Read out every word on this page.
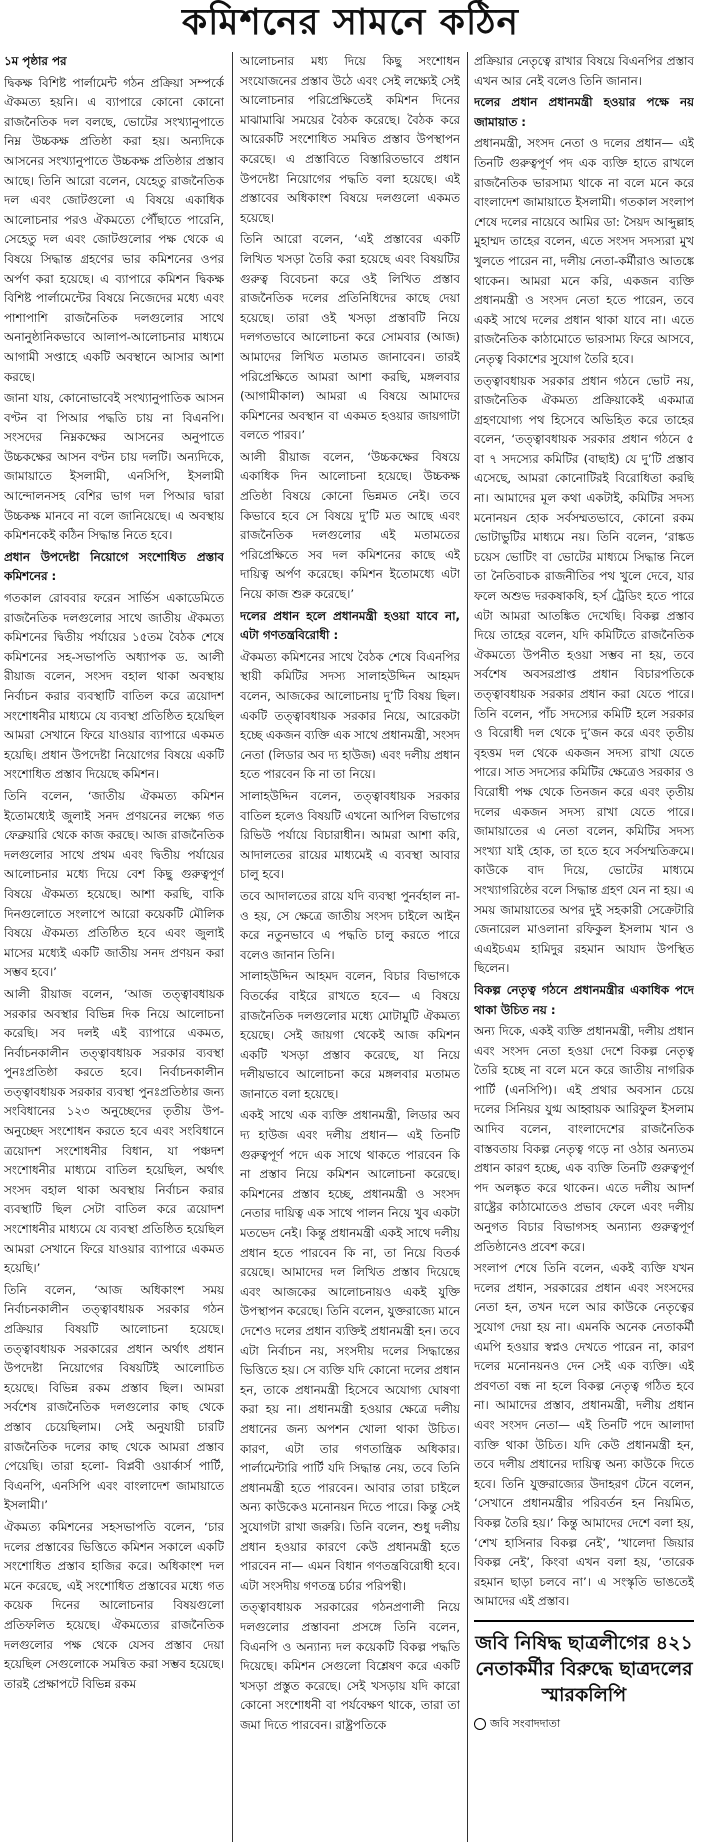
কমিশনের সামনে কঠিন

১ম পৃষ্ঠার পর

দ্বিকক্ষ বিশিষ্ট পার্লামেন্ট গঠন প্রক্রিয়া সম্পর্কে ঐকমত্য হয়নি। এ ব্যাপারে কোনো কোনো রাজনৈতিক দল বলছে, ভোটের সংখ্যানুপাতে নিম্ন উচ্চকক্ষ প্রতিষ্ঠা করা হয়। অন্যদিকে আসনের সংখ্যানুপাতে উচ্চকক্ষ প্রতিষ্ঠার প্রস্তাব আছে। তিনি আরো বলেন, যেহেতু রাজনৈতিক দল এবং জোটগুলো এ বিষয়ে একাধিক আলোচনার পরও ঐকমত্যে পৌঁছাতে পারেনি, সেহেতু দল এবং জোটগুলোর পক্ষ থেকে এ বিষয়ে সিদ্ধান্ত গ্রহণের ভার কমিশনের ওপর অর্পণ করা হয়েছে। এ ব্যাপারে কমিশন দ্বিকক্ষ বিশিষ্ট পার্লামেন্টের বিষয়ে নিজেদের মধ্যে এবং পাশাপাশি রাজনৈতিক দলগুলোর সাথে অনানুষ্ঠানিকভাবে আলাপ-আলোচনার মাধ্যমে আগামী সপ্তাহে একটি অবস্থানে আসার আশা করছে।

জানা যায়, কোনোভাবেই সংখ্যানুপাতিক আসন বণ্টন বা পিআর পদ্ধতি চায় না বিএনপি। সংসদের নিম্নকক্ষের আসনের অনুপাতে উচ্চকক্ষের আসন বণ্টন চায় দলটি। অন্যদিকে, জামায়াতে ইসলামী, এনসিপি, ইসলামী আন্দোলনসহ বেশির ভাগ দল পিআর দ্বারা উচ্চকক্ষ মানবে না বলে জানিয়েছে। এ অবস্থায় কমিশনকেই কঠিন সিদ্ধান্ত নিতে হবে।

প্রধান উপদেষ্টা নিয়োগে সংশোধিত প্রস্তাব কমিশনের :

গতকাল রোববার ফরেন সার্ভিস একাডেমিতে রাজনৈতিক দলগুলোর সাথে জাতীয় ঐকমত্য কমিশনের দ্বিতীয় পর্যায়ের ১৫তম বৈঠক শেষে কমিশনের সহ-সভাপতি অধ্যাপক ড. আলী রীয়াজ বলেন, সংসদ বহাল থাকা অবস্থায় নির্বাচন করার ব্যবস্থাটি বাতিল করে ত্রয়োদশ সংশোধনীর মাধ্যমে যে ব্যবস্থা প্রতিষ্ঠিত হয়েছিল আমরা সেখানে ফিরে যাওয়ার ব্যাপারে একমত হয়েছি। প্রধান উপদেষ্টা নিয়োগের বিষয়ে একটি সংশোধিত প্রস্তাব দিয়েছে কমিশন।

তিনি বলেন, ‘জাতীয় ঐকমত্য কমিশন ইতোমধ্যেই জুলাই সনদ প্রণয়নের লক্ষ্যে গত ফেব্রুয়ারি থেকে কাজ করছে। আজ রাজনৈতিক দলগুলোর সাথে প্রথম এবং দ্বিতীয় পর্যায়ের আলোচনার মধ্যে দিয়ে বেশ কিছু গুরুত্বপূর্ণ বিষয়ে ঐকমত্য হয়েছে। আশা করছি, বাকি দিনগুলোতে সংলাপে আরো কয়েকটি মৌলিক বিষয়ে ঐকমত্য প্রতিষ্ঠিত হবে এবং জুলাই মাসের মধ্যেই একটি জাতীয় সনদ প্রণয়ন করা সম্ভব হবে।’

আলী রীয়াজ বলেন, ‘আজ তত্ত্বাবধায়ক সরকার অবস্থার বিভিন্ন দিক নিয়ে আলোচনা করেছি। সব দলই এই ব্যাপারে একমত, নির্বাচনকালীন তত্ত্বাবধায়ক সরকার ব্যবস্থা পুনঃপ্রতিষ্ঠা করতে হবে। নির্বাচনকালীন তত্ত্বাবধায়ক সরকার ব্যবস্থা পুনঃপ্রতিষ্ঠার জন্য সংবিধানের ১২৩ অনুচ্ছেদের তৃতীয় উপ-অনুচ্ছেদ সংশোধন করতে হবে এবং সংবিধানে ত্রয়োদশ সংশোধনীর বিধান, যা পঞ্চদশ সংশোধনীর মাধ্যমে বাতিল হয়েছিল, অর্থাৎ সংসদ বহাল থাকা অবস্থায় নির্বাচন করার ব্যবস্থাটি ছিল সেটা বাতিল করে ত্রয়োদশ সংশোধনীর মাধ্যমে যে ব্যবস্থা প্রতিষ্ঠিত হয়েছিল আমরা সেখানে ফিরে যাওয়ার ব্যাপারে একমত হয়েছি।’

তিনি বলেন, ‘আজ অধিকাংশ সময় নির্বাচনকালীন তত্ত্বাবধায়ক সরকার গঠন প্রক্রিয়ার বিষয়টি আলোচনা হয়েছে। তত্ত্বাবধায়ক সরকারের প্রধান অর্থাৎ প্রধান উপদেষ্টা নিয়োগের বিষয়টিই আলোচিত হয়েছে। বিভিন্ন রকম প্রস্তাব ছিল। আমরা সর্বশেষ রাজনৈতিক দলগুলোর কাছ থেকে প্রস্তাব চেয়েছিলাম। সেই অনুযায়ী চারটি রাজনৈতিক দলের কাছ থেকে আমরা প্রস্তাব পেয়েছি। তারা হলো- বিপ্লবী ওয়ার্কার্স পার্টি, বিএনপি, এনসিপি এবং বাংলাদেশ জামায়াতে ইসলামী।’

ঐকমত্য কমিশনের সহসভাপতি বলেন, ‘চার দলের প্রস্তাবের ভিত্তিতে কমিশন সকালে একটি সংশোধিত প্রস্তাব হাজির করে। অধিকাংশ দল মনে করেছে, এই সংশোধিত প্রস্তাবের মধ্যে গত কয়েক দিনের আলোচনার বিষয়গুলো প্রতিফলিত হয়েছে। ঐকমত্যের রাজনৈতিক দলগুলোর পক্ষ থেকে যেসব প্রস্তাব দেয়া হয়েছিল সেগুলোকে সমন্বিত করা সম্ভব হয়েছে। তারই প্রেক্ষাপটে বিভিন্ন রকম

আলোচনার মধ্য দিয়ে কিছু সংশোধন সংযোজনের প্রস্তাব উঠে এবং সেই লক্ষ্যেই সেই আলোচনার পরিপ্রেক্ষিতেই কমিশন দিনের মাঝামাঝি সময়ের বৈঠক করেছে। বৈঠক করে আরেকটি সংশোধিত সমন্বিত প্রস্তাব উপস্থাপন করেছে। এ প্রস্তাবিতে বিস্তারিতভাবে প্রধান উপদেষ্টা নিয়োগের পদ্ধতি বলা হয়েছে। এই প্রস্তাবের অধিকাংশ বিষয়ে দলগুলো একমত হয়েছে।

তিনি আরো বলেন, ‘এই প্রস্তাবের একটি লিখিত খসড়া তৈরি করা হয়েছে এবং বিষয়টির গুরুত্ব বিবেচনা করে ওই লিখিত প্রস্তাব রাজনৈতিক দলের প্রতিনিধিদের কাছে দেয়া হয়েছে। তারা ওই খসড়া প্রস্তাবটি নিয়ে দলগতভাবে আলোচনা করে সোমবার (আজ) আমাদের লিখিত মতামত জানাবেন। তারই পরিপ্রেক্ষিতে আমরা আশা করছি, মঙ্গলবার (আগামীকাল) আমরা এ বিষয়ে আমাদের কমিশনের অবস্থান বা একমত হওয়ার জায়গাটা বলতে পারব।’

আলী রীয়াজ বলেন, ‘উচ্চকক্ষের বিষয়ে একাধিক দিন আলোচনা হয়েছে। উচ্চকক্ষ প্রতিষ্ঠা বিষয়ে কোনো ভিন্নমত নেই। তবে কিভাবে হবে সে বিষয়ে দু’টি মত আছে এবং রাজনৈতিক দলগুলোর এই মতামতের পরিপ্রেক্ষিতে সব দল কমিশনের কাছে এই দায়িত্ব অর্পণ করেছে। কমিশন ইতোমধ্যে এটা নিয়ে কাজ শুরু করেছে।’

দলের প্রধান হলে প্রধানমন্ত্রী হওয়া যাবে না, এটা গণতন্ত্রবিরোধী :

ঐকমত্য কমিশনের সাথে বৈঠক শেষে বিএনপির স্থায়ী কমিটির সদস্য সালাহউদ্দিন আহমদ বলেন, আজকের আলোচনায় দু’টি বিষয় ছিল। একটি তত্ত্বাবধায়ক সরকার নিয়ে, আরেকটা হচ্ছে একজন ব্যক্তি এক সাথে প্রধানমন্ত্রী, সংসদ নেতা (লিডার অব দ্য হাউজ) এবং দলীয় প্রধান হতে পারবেন কি না তা নিয়ে।

সালাহউদ্দিন বলেন, তত্ত্বাবধায়ক সরকার বাতিল হলেও বিষয়টি এখনো আপিল বিভাগের রিভিউ পর্যায়ে বিচারাধীন। আমরা আশা করি, আদালতের রায়ের মাধ্যমেই এ ব্যবস্থা আবার চালু হবে।

তবে আদালতের রায়ে যদি ব্যবস্থা পুনর্বহাল না-ও হয়, সে ক্ষেত্রে জাতীয় সংসদ চাইলে আইন করে নতুনভাবে এ পদ্ধতি চালু করতে পারে বলেও জানান তিনি।

সালাহউদ্দিন আহমদ বলেন, বিচার বিভাগকে বিতর্কের বাইরে রাখতে হবে— এ বিষয়ে রাজনৈতিক দলগুলোর মধ্যে মোটামুটি ঐকমত্য হয়েছে। সেই জায়গা থেকেই আজ কমিশন একটি খসড়া প্রস্তাব করেছে, যা নিয়ে দলীয়ভাবে আলোচনা করে মঙ্গলবার মতামত জানাতে বলা হয়েছে।

একই সাথে এক ব্যক্তি প্রধানমন্ত্রী, লিডার অব দ্য হাউজ এবং দলীয় প্রধান— এই তিনটি গুরুত্বপূর্ণ পদে এক সাথে থাকতে পারবেন কি না প্রস্তাব নিয়ে কমিশন আলোচনা করেছে। কমিশনের প্রস্তাব হচ্ছে, প্রধানমন্ত্রী ও সংসদ নেতার দায়িত্ব এক সাথে পালন নিয়ে খুব একটা মতভেদ নেই। কিন্তু প্রধানমন্ত্রী একই সাথে দলীয় প্রধান হতে পারবেন কি না, তা নিয়ে বিতর্ক রয়েছে। আমাদের দল লিখিত প্রস্তাব দিয়েছে এবং আজকের আলোচনায়ও একই যুক্তি উপস্থাপন করেছে। তিনি বলেন, যুক্তরাজ্যে মানে দেশেও দলের প্রধান ব্যক্তিই প্রধানমন্ত্রী হন। তবে এটা নির্বাচন নয়, সংসদীয় দলের সিদ্ধান্তের ভিত্তিতে হয়। সে ব্যক্তি যদি কোনো দলের প্রধান হন, তাকে প্রধানমন্ত্রী হিসেবে অযোগ্য ঘোষণা করা হয় না। প্রধানমন্ত্রী হওয়ার ক্ষেত্রে দলীয় প্রধানের জন্য অপশন খোলা থাকা উচিত। কারণ, এটা তার গণতান্ত্রিক অধিকার। পার্লামেন্টারি পার্টি যদি সিদ্ধান্ত নেয়, তবে তিনি প্রধানমন্ত্রী হতে পারবেন। আবার তারা চাইলে অন্য কাউকেও মনোনয়ন দিতে পারে। কিন্তু সেই সুযোগটা রাখা জরুরি। তিনি বলেন, শুধু দলীয় প্রধান হওয়ার কারণে কেউ প্রধানমন্ত্রী হতে পারবেন না— এমন বিধান গণতন্ত্রবিরোধী হবে। এটা সংসদীয় গণতন্ত্র চর্চার পরিপন্থী।

তত্ত্বাবধায়ক সরকারের গঠনপ্রণালী নিয়ে দলগুলোর প্রস্তাবনা প্রসঙ্গে তিনি বলেন, বিএনপি ও অন্যান্য দল কয়েকটি বিকল্প পদ্ধতি দিয়েছে। কমিশন সেগুলো বিশ্লেষণ করে একটি খসড়া প্রস্তুত করেছে। সেই খসড়ায় যদি কারো কোনো সংশোধনী বা পর্যবেক্ষণ থাকে, তারা তা জমা দিতে পারবেন। রাষ্ট্রপতিকে

প্রক্রিয়ার নেতৃত্বে রাখার বিষয়ে বিএনপির প্রস্তাব এখন আর নেই বলেও তিনি জানান।

দলের প্রধান প্রধানমন্ত্রী হওয়ার পক্ষে নয় জামায়াত :

প্রধানমন্ত্রী, সংসদ নেতা ও দলের প্রধান— এই তিনটি গুরুত্বপূর্ণ পদ এক ব্যক্তি হাতে রাখলে রাজনৈতিক ভারসাম্য থাকে না বলে মনে করে বাংলাদেশ জামায়াতে ইসলামী। গতকাল সংলাপ শেষে দলের নায়েবে আমির ডা: সৈয়দ আব্দুল্লাহ মুহাম্মদ তাহের বলেন, এতে সংসদ সদস্যরা মুখ খুলতে পারেন না, দলীয় নেতা-কর্মীরাও আতঙ্কে থাকেন। আমরা মনে করি, একজন ব্যক্তি প্রধানমন্ত্রী ও সংসদ নেতা হতে পারেন, তবে একই সাথে দলের প্রধান থাকা যাবে না। এতে রাজনৈতিক কাঠামোতে ভারসাম্য ফিরে আসবে, নেতৃত্ব বিকাশের সুযোগ তৈরি হবে।

তত্ত্বাবধায়ক সরকার প্রধান গঠনে ভোট নয়, রাজনৈতিক ঐকমত্য প্রক্রিয়াকেই একমাত্র গ্রহণযোগ্য পথ হিসেবে অভিহিত করে তাহের বলেন, ‘তত্ত্বাবধায়ক সরকার প্রধান গঠনে ৫ বা ৭ সদস্যের কমিটির (বাছাই) যে দু’টি প্রস্তাব এসেছে, আমরা কোনোটিরই বিরোধিতা করছি না। আমাদের মূল কথা একটাই, কমিটির সদস্য মনোনয়ন হোক সর্বসম্মতভাবে, কোনো রকম ভোটাভুটির মাধ্যমে নয়। তিনি বলেন, ‘রাঙ্কড চয়েস ভোটিং বা ভোটের মাধ্যমে সিদ্ধান্ত নিলে তা নৈতিবাচক রাজনীতির পথ খুলে দেবে, যার ফলে অশুভ দরকষাকষি, হর্স ট্রেডিং হতে পারে এটা আমরা আতঙ্কিত দেখেছি। বিকল্প প্রস্তাব দিয়ে তাহের বলেন, যদি কমিটিতে রাজনৈতিক ঐকমত্যে উপনীত হওয়া সম্ভব না হয়, তবে সর্বশেষ অবসরপ্রাপ্ত প্রধান বিচারপতিকে তত্ত্বাবধায়ক সরকার প্রধান করা যেতে পারে। তিনি বলেন, পাঁচ সদস্যের কমিটি হলে সরকার ও বিরোধী দল থেকে দু’জন করে এবং তৃতীয় বৃহত্তম দল থেকে একজন সদস্য রাখা যেতে পারে। সাত সদস্যের কমিটির ক্ষেত্রেও সরকার ও বিরোধী পক্ষ থেকে তিনজন করে এবং তৃতীয় দলের একজন সদস্য রাখা যেতে পারে। জামায়াতের এ নেতা বলেন, কমিটির সদস্য সংখ্যা যাই হোক, তা হতে হবে সর্বসম্মতিক্রমে। কাউকে বাদ দিয়ে, ভোটের মাধ্যমে সংখ্যাগরিষ্ঠের বলে সিদ্ধান্ত গ্রহণ যেন না হয়। এ সময় জামায়াতের অপর দুই সহকারী সেক্রেটারি জেনারেল মাওলানা রফিকুল ইসলাম খান ও এএইচএম হামিদুর রহমান আযাদ উপস্থিত ছিলেন।

বিকল্প নেতৃত্ব গঠনে প্রধানমন্ত্রীর একাধিক পদে থাকা উচিত নয় :

অন্য দিকে, একই ব্যক্তি প্রধানমন্ত্রী, দলীয় প্রধান এবং সংসদ নেতা হওয়া দেশে বিকল্প নেতৃত্ব তৈরি হচ্ছে না বলে মনে করে জাতীয় নাগরিক পার্টি (এনসিপি)। এই প্রথার অবসান চেয়ে দলের সিনিয়র যুগ্ম আহ্বায়ক আরিফুল ইসলাম আদিব বলেন, বাংলাদেশের রাজনৈতিক বাস্তবতায় বিকল্প নেতৃত্ব গড়ে না ওঠার অন্যতম প্রধান কারণ হচ্ছে, এক ব্যক্তি তিনটি গুরুত্বপূর্ণ পদ অলঙ্কৃত করে থাকেন। এতে দলীয় আদর্শ রাষ্ট্রের কাঠামোতেও প্রভাব ফেলে এবং দলীয় অনুগত বিচার বিভাগসহ অন্যান্য গুরুত্বপূর্ণ প্রতিষ্ঠানেও প্রবেশ করে।

সংলাপ শেষে তিনি বলেন, একই ব্যক্তি যখন দলের প্রধান, সরকারের প্রধান এবং সংসদের নেতা হন, তখন দলে আর কাউকে নেতৃত্বের সুযোগ দেয়া হয় না। এমনকি অনেক নেতাকর্মী এমপি হওয়ার স্বপ্নও দেখতে পারেন না, কারণ দলের মনোনয়নও দেন সেই এক ব্যক্তি। এই প্রবণতা বন্ধ না হলে বিকল্প নেতৃত্ব গঠিত হবে না। আমাদের প্রস্তাব, প্রধানমন্ত্রী, দলীয় প্রধান এবং সংসদ নেতা— এই তিনটি পদে আলাদা ব্যক্তি থাকা উচিত। যদি কেউ প্রধানমন্ত্রী হন, তবে দলীয় প্রধানের দায়িত্ব অন্য কাউকে দিতে হবে। তিনি যুক্তরাজ্যের উদাহরণ টেনে বলেন, ‘সেখানে প্রধানমন্ত্রীর পরিবর্তন হন নিয়মিত, বিকল্প তৈরি হয়।’ কিন্তু আমাদের দেশে বলা হয়, ‘শেখ হাসিনার বিকল্প নেই’, ‘খালেদা জিয়ার বিকল্প নেই’, কিংবা এখন বলা হয়, ‘তারেক রহমান ছাড়া চলবে না’। এ সংস্কৃতি ভাঙতেই আমাদের এই প্রস্তাব।

জবি নিষিদ্ধ ছাত্রলীগের ৪২১ নেতাকর্মীর বিরুদ্ধে ছাত্রদলের স্মারকলিপি
জবি সংবাদদাতা
